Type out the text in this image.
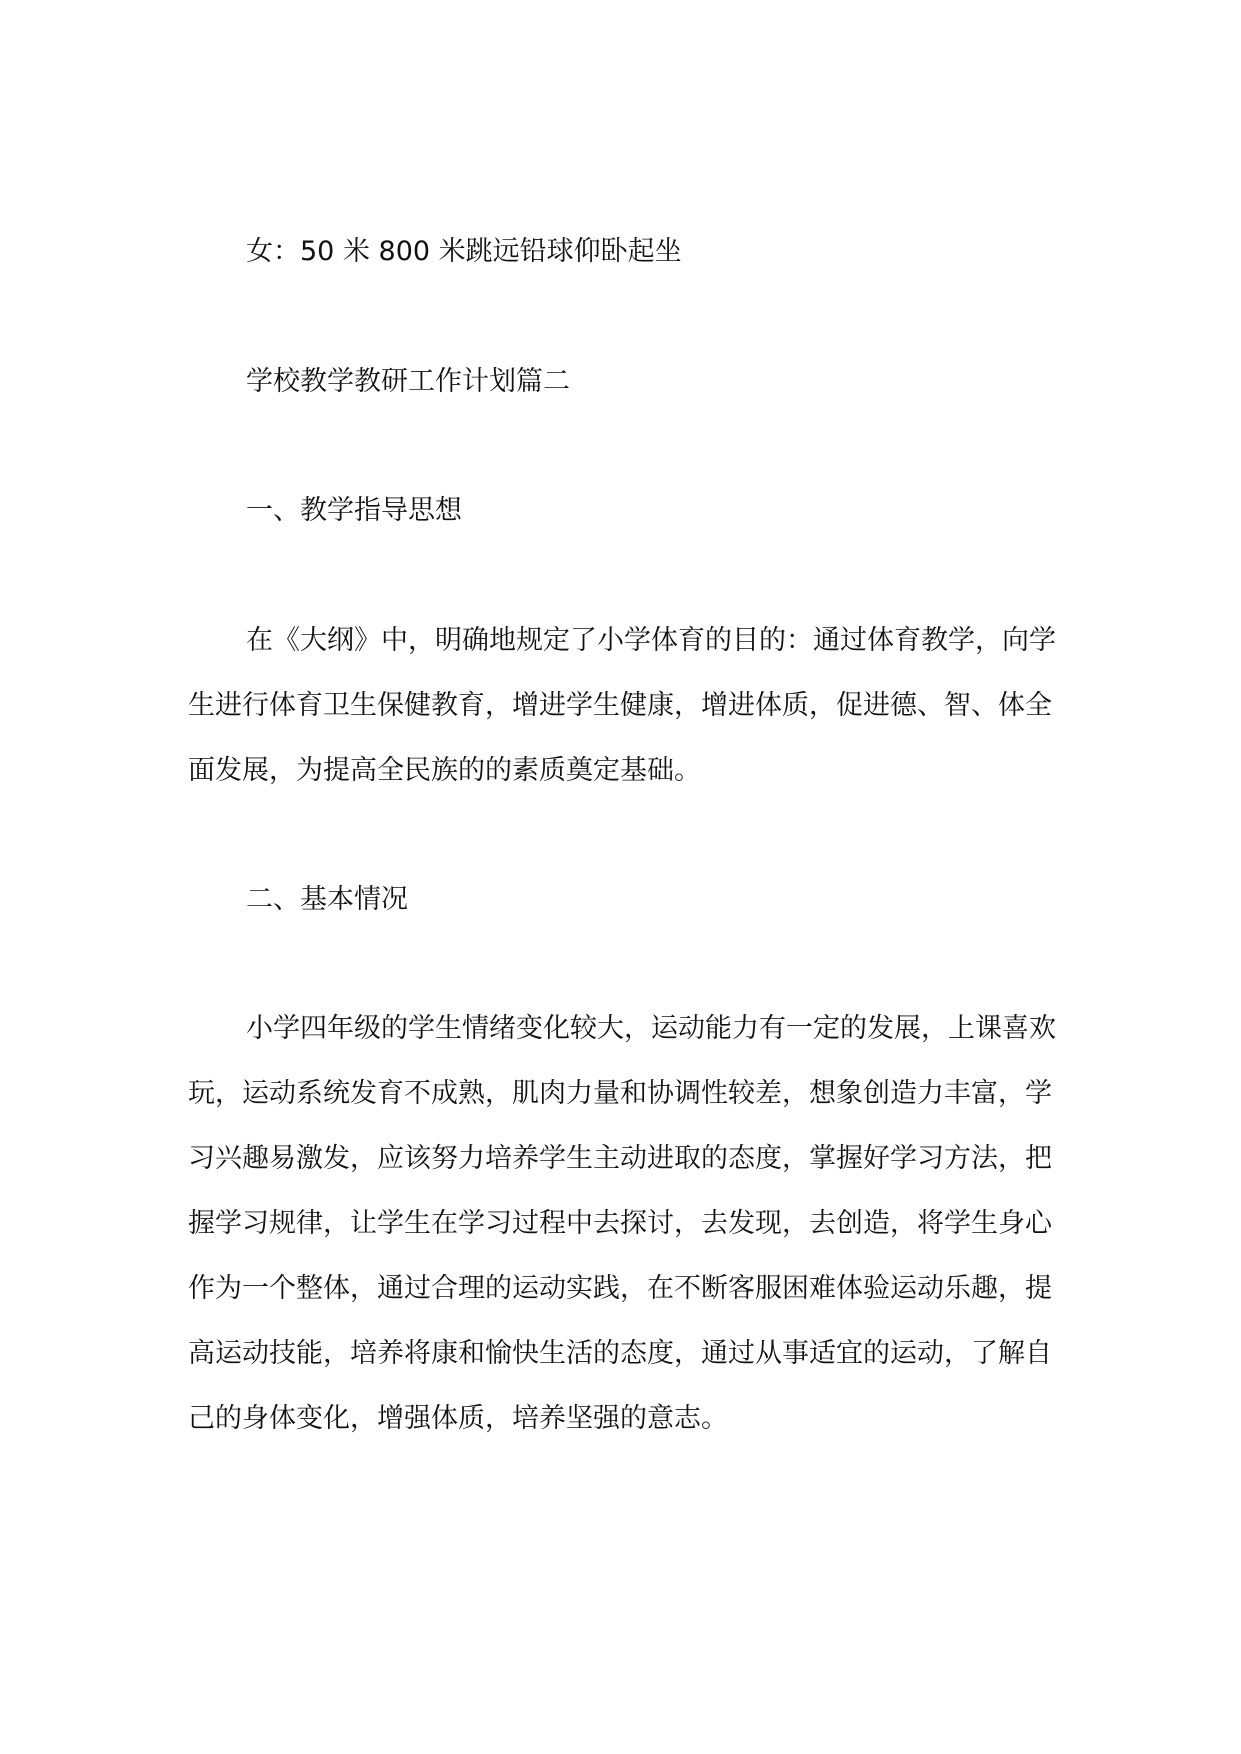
女：50 米 800 米跳远铅球仰卧起坐

学校教学教研工作计划篇二

一、教学指导思想

在《大纲》中，明确地规定了小学体育的目的：通过体育教学，向学生进行体育卫生保健教育，增进学生健康，增进体质，促进德、智、体全面发展，为提高全民族的的素质奠定基础。

二、基本情况

小学四年级的学生情绪变化较大，运动能力有一定的发展，上课喜欢玩，运动系统发育不成熟，肌肉力量和协调性较差，想象创造力丰富，学习兴趣易激发，应该努力培养学生主动进取的态度，掌握好学习方法，把握学习规律，让学生在学习过程中去探讨，去发现，去创造，将学生身心作为一个整体，通过合理的运动实践，在不断客服困难体验运动乐趣，提高运动技能，培养将康和愉快生活的态度，通过从事适宜的运动，了解自己的身体变化，增强体质，培养坚强的意志。
